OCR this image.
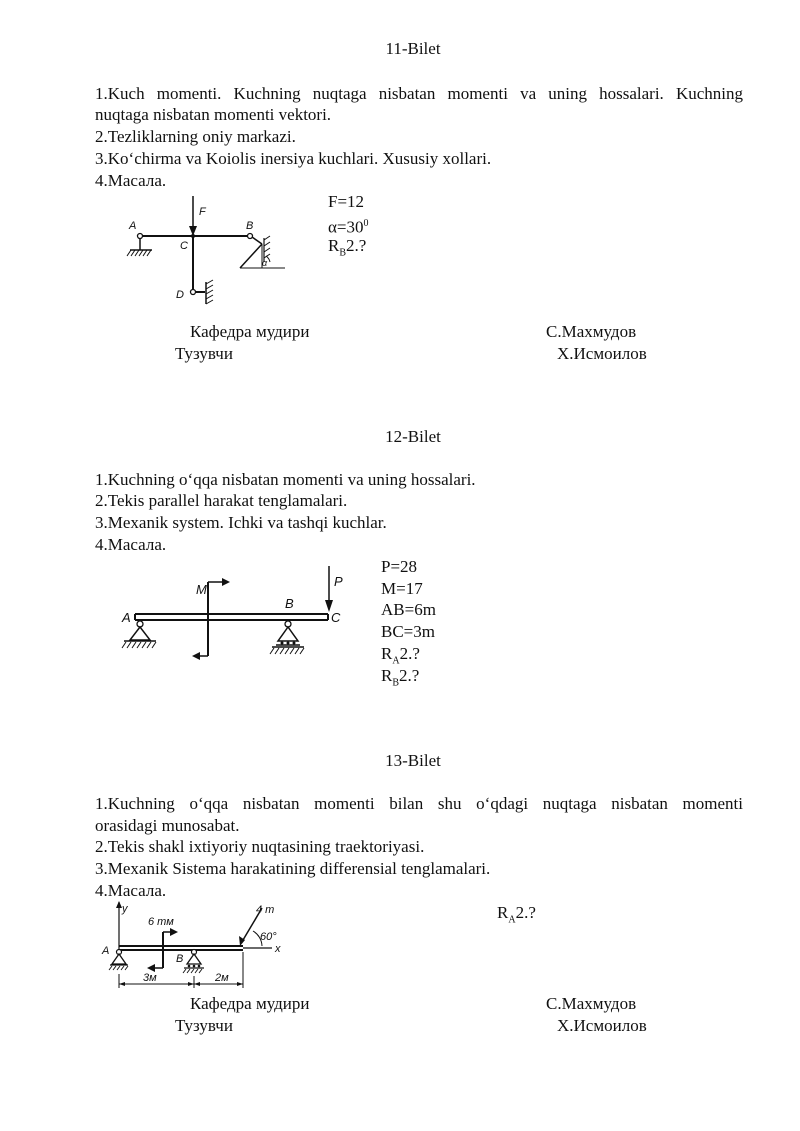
11-Bilet
1.Kuch momenti. Kuchning nuqtaga nisbatan momenti va uning hossalari. Kuchning
nuqtaga nisbatan momenti vektori.
2.Tezliklarning oniy markazi.
3.Ko‘chirma va Koiolis inersiya kuchlari. Xususiy xollari.
4.Масала.
F=12
$\alpha=30^0$
$R_B2$.?
A	B
C
D
F
α
Кафедра мудири	С.Махмудов
Тузувчи	Х.Исмоилов
12-Bilet
1.Kuchning o‘qqa nisbatan momenti va uning hossalari.
2.Tekis parallel harakat tenglamalari.
3.Mexanik system. Ichki va tashqi kuchlar.
4.Масала.
P=28
M=17
AB=6m
BC=3m
$R_A2$.?
$R_B2$.?
A
B
C
M
P
13-Bilet
1.Kuchning o‘qqa nisbatan momenti bilan shu o‘qdagi nuqtaga nisbatan momenti
orasidagi munosabat.
2.Tekis shakl ixtiyoriy nuqtasining traektoriyasi.
3.Mexanik Sistema harakatining differensial tenglamalari.
4.Масала.
$R_A2$.?
y
x
A
B
6 тм
4 т
60°
3м	2м
Кафедра мудири	С.Махмудов
Тузувчи	Х.Исмоилов
